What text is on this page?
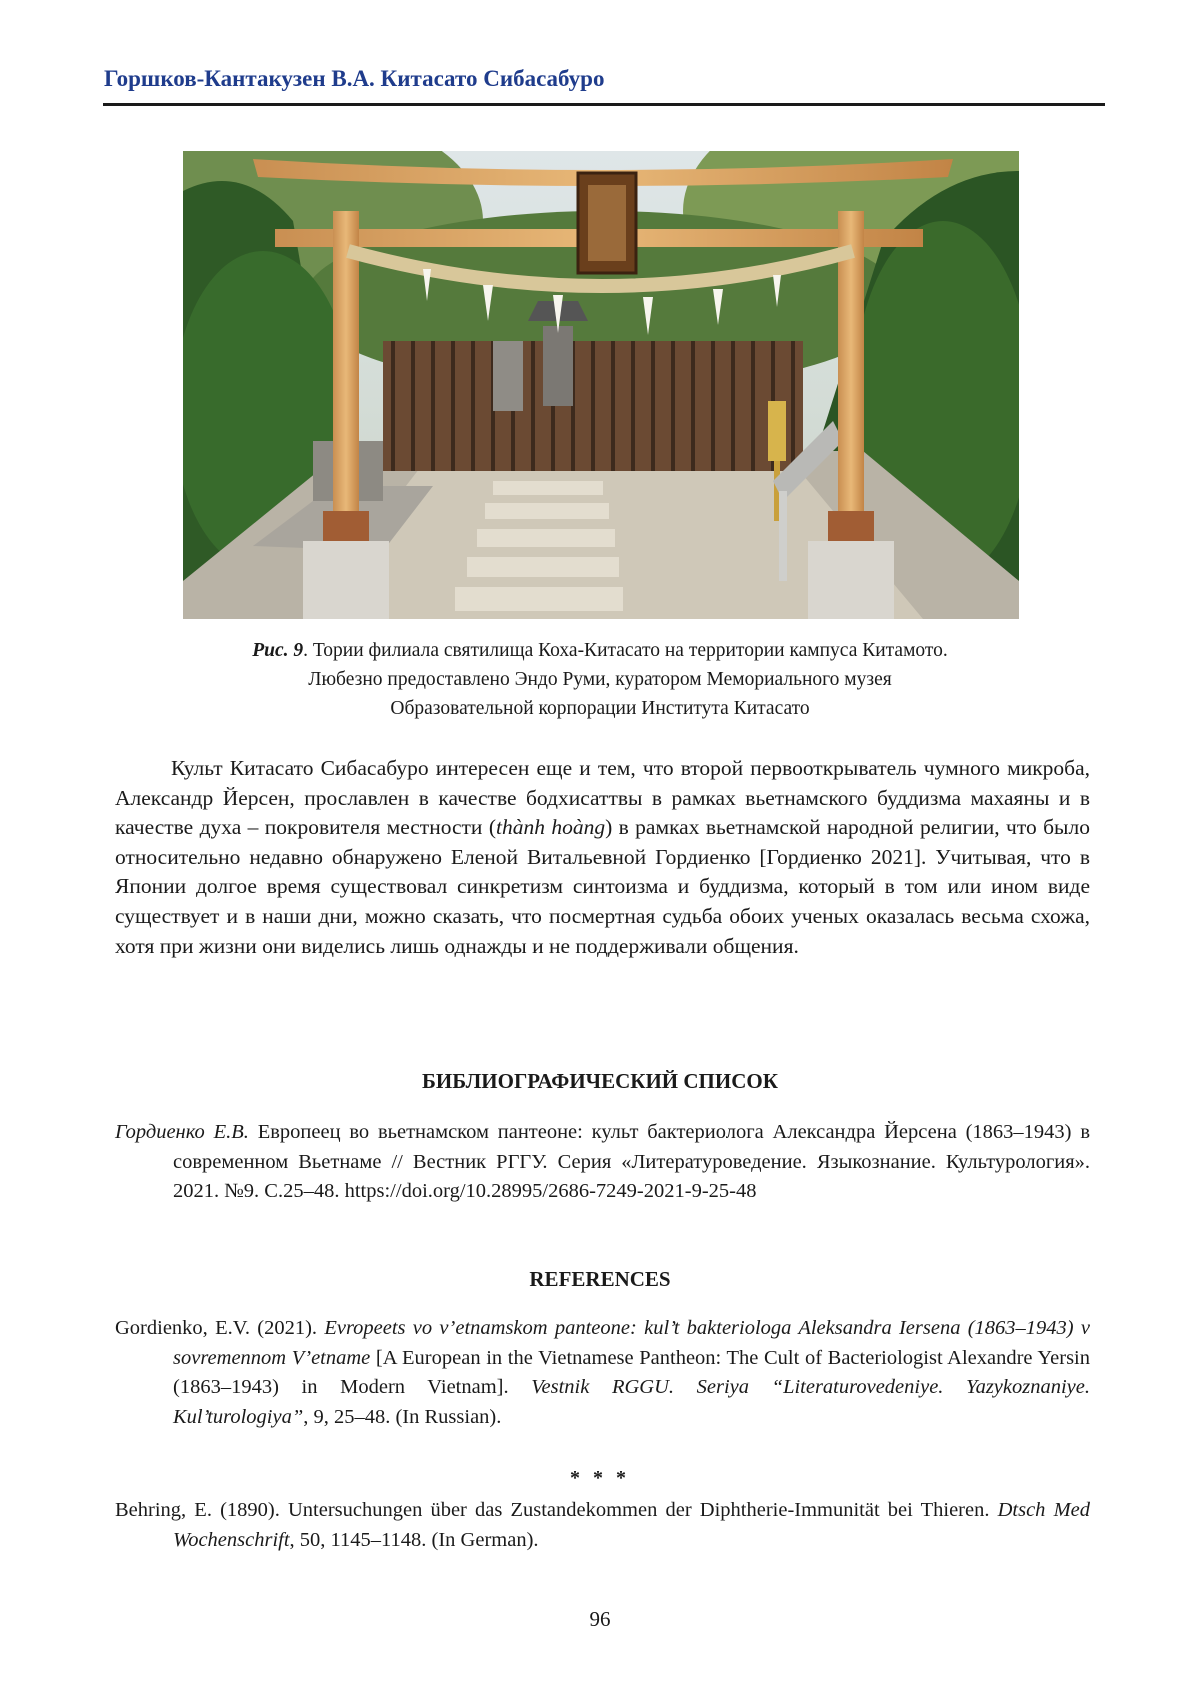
Горшков-Кантакузен В.А. Китасато Сибасабуро
Рис. 9. Тории филиала святилища Коха-Китасато на территории кампуса Китамото.
Любезно предоставлено Эндо Руми, куратором Мемориального музея
Образовательной корпорации Института Китасато

Культ Китасато Сибасабуро интересен еще и тем, что второй первооткрыватель чумного микроба, Александр Йерсен, прославлен в качестве бодхисаттвы в рамках вьетнамского буддизма махаяны и в качестве духа – покровителя местности (thành hoàng) в рамках вьетнамской народной религии, что было относительно недавно обнаружено Еленой Витальевной Гордиенко [Гордиенко 2021]. Учитывая, что в Японии долгое время существовал синкретизм синтоизма и буддизма, который в том или ином виде существует и в наши дни, можно сказать, что посмертная судьба обоих ученых оказалась весьма схожа, хотя при жизни они виделись лишь однажды и не поддерживали общения.

БИБЛИОГРАФИЧЕСКИЙ СПИСОК

Гордиенко Е.В. Европеец во вьетнамском пантеоне: культ бактериолога Александра Йерсена (1863–1943) в современном Вьетнаме // Вестник РГГУ. Серия «Литературоведение. Языкознание. Культурология». 2021. №9. С.25–48. https://doi.org/10.28995/2686-7249-2021-9-25-48

REFERENCES

Gordienko, E.V. (2021). Evropeets vo v’etnamskom panteone: kul’t bakteriologa Aleksandra Iersena (1863–1943) v sovremennom V’etname [A European in the Vietnamese Pantheon: The Cult of Bacteriologist Alexandre Yersin (1863–1943) in Modern Vietnam]. Vestnik RGGU. Seriya “Literaturovedeniye. Yazykoznaniye. Kul’turologiya”, 9, 25–48. (In Russian).

* * *

Behring, E. (1890). Untersuchungen über das Zustandekommen der Diphtherie-Immunität bei Thieren. Dtsch Med Wochenschrift, 50, 1145–1148. (In German).

96
